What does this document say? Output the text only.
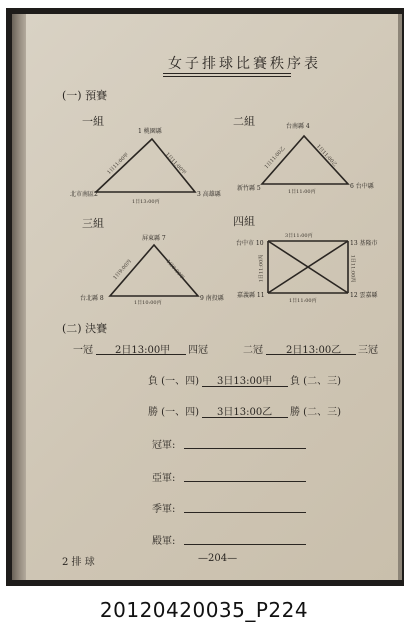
女子排球比賽秩序表
(一) 預賽
一組	二組
三組	四組
1 桃園縣
北市南區2	3 高雄縣
1日11:00甲	1日11:00甲
1日13:00丙
台南縣 4
新竹縣 5	6 台中縣
1日11:00乙	1日11:00乙
1日11:00丙
屏東縣 7
台北縣 8	9 南投縣
1日9:00丙	1日9:00甲
1日10:00丙
台中市 10	13 基隆市
嘉義縣 11	12 雲嘉縣
3日11:00丙
1日11:00丙
1日11:00丙	1日11:00丙
(二) 決賽
一冠 2日13:00甲 四冠	二冠 2日13:00乙 三冠
負 (一、四) 3日13:00甲 負 (二、三)
勝 (一、四) 3日13:00乙 勝 (二、三)
冠軍:
亞軍:
季軍:
殿軍:
2 排 球	—204—
20120420035_P224
